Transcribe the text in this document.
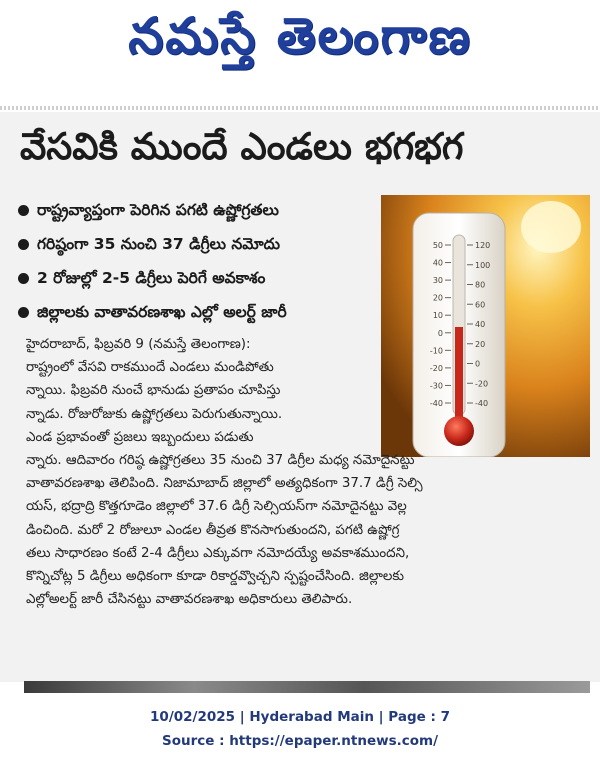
నమస్తే తెలంగాణ
వేసవికి ముందే ఎండలు భగభగ
రాష్ట్రవ్యాప్తంగా పెరిగిన పగటి ఉష్ణోగ్రతలు
గరిష్ఠంగా 35 నుంచి 37 డిగ్రీలు నమోదు
2 రోజుల్లో 2-5 డిగ్రీలు పెరిగే అవకాశం
జిల్లాలకు వాతావరణశాఖ ఎల్లో అలర్ట్ జారీ
50
40
30
20
10
0
-10
-20
-30
-40
120
100
80
60
40
20
0
-20
-40
హైదరాబాద్, ఫిబ్రవరి 9 (నమస్తే తెలంగాణ):
రాష్ట్రంలో వేసవి రాకముందే ఎండలు మండిపోతు
న్నాయి. ఫిబ్రవరి నుంచే భానుడు ప్రతాపం చూపిస్తు
న్నాడు. రోజురోజుకు ఉష్ణోగ్రతలు పెరుగుతున్నాయి.
ఎండ ప్రభావంతో ప్రజలు ఇబ్బందులు పడుతు
న్నారు. ఆదివారం గరిష్ఠ ఉష్ణోగ్రతలు 35 నుంచి 37 డిగ్రీల మధ్య నమోదైనట్టు
వాతావరణశాఖ తెలిపింది. నిజామాబాద్ జిల్లాలో అత్యధికంగా 37.7 డిగ్రీ సెల్సి
యస్, భద్రాద్రి కొత్తగూడెం జిల్లాలో 37.6 డిగ్రీ సెల్సియస్‌గా నమోదైనట్టు వెల్ల
డించింది. మరో 2 రోజులూ ఎండల తీవ్రత కొనసాగుతుందని, పగటి ఉష్ణోగ్ర
తలు సాధారణం కంటే 2-4 డిగ్రీలు ఎక్కువగా నమోదయ్యే అవకాశముందని,
కొన్నిచోట్ల 5 డిగ్రీలు అధికంగా కూడా రికార్డవ్వొచ్చని స్పష్టంచేసింది. జిల్లాలకు
ఎల్లోఅలర్ట్ జారీ చేసినట్టు వాతావరణశాఖ అధికారులు తెలిపారు.
10/02/2025 | Hyderabad Main | Page : 7
Source : https://epaper.ntnews.com/
